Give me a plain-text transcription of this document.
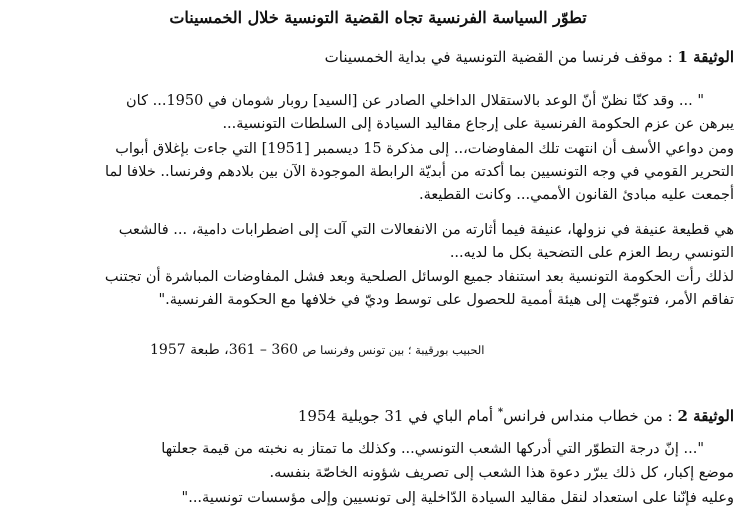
تطوّر السياسة الفرنسية تجاه القضية التونسية خلال الخمسينات
الوثيقة 1 : موقف فرنسا من القضية التونسية في بداية الخمسينات
" ... وقد كنّا نظنّ أنّ الوعد بالاستقلال الداخلي الصادر عن [السيد] روبار شومان في 1950... كان
يبرهن عن عزم الحكومة الفرنسية على إرجاع مقاليد السيادة إلى السلطات التونسية...
ومن دواعي الأسف أن انتهت تلك المفاوضات،.. إلى مذكرة 15 ديسمبر [1951] التي جاءت بإغلاق أبواب
التحرير القومي في وجه التونسيين بما أكدته من أبديّة الرابطة الموجودة الآن بين بلادهم وفرنسا.. خلافا لما
أجمعت عليه مبادئ القانون الأممي... وكانت القطيعة.
هي قطيعة عنيفة في نزولها، عنيفة فيما أثارته من الانفعالات التي آلت إلى اضطرابات دامية، ... فالشعب
التونسي ربط العزم على التضحية بكل ما لديه...
لذلك رأت الحكومة التونسية بعد استنفاد جميع الوسائل الصلحية وبعد فشل المفاوضات المباشرة أن تجتنب
تفاقم الأمر، فتوجّهت إلى هيئة أممية للحصول على توسط وديّ في خلافها مع الحكومة الفرنسية."
الحبيب بورقيبة ؛ بين تونس وفرنسا ص 360 – 361، طبعة 1957
الوثيقة 2 : من خطاب منداس فرانس* أمام الباي في 31 جويلية 1954
"... إنّ درجة التطوّر التي أدركها الشعب التونسي... وكذلك ما تمتاز به نخبته من قيمة جعلتها
موضع إكبار، كل ذلك يبرّر دعوة هذا الشعب إلى تصريف شؤونه الخاصّة بنفسه.
وعليه فإنّنا على استعداد لنقل مقاليد السيادة الدّاخلية إلى تونسيين وإلى مؤسسات تونسية..."
